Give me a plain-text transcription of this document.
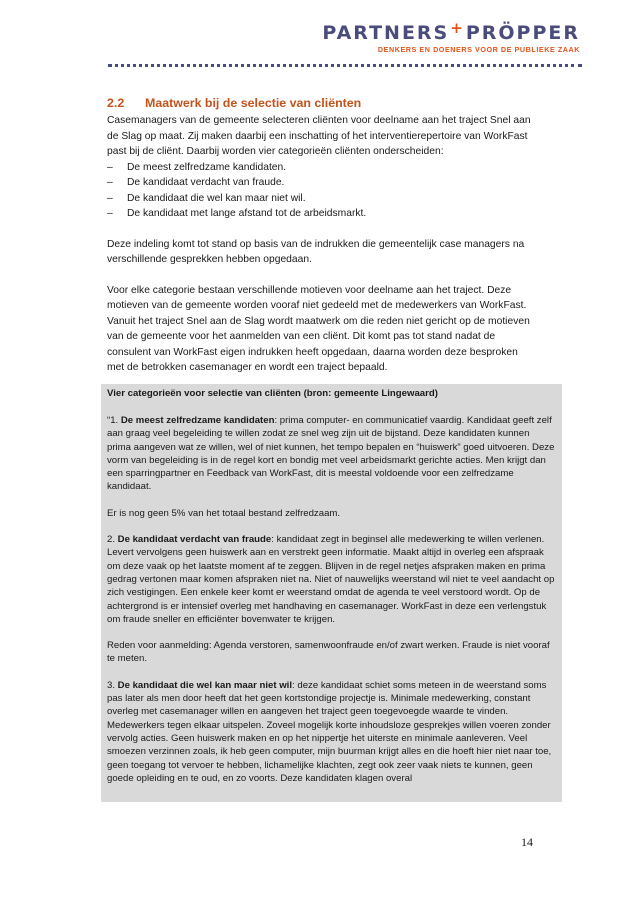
PARTNERS+PRÖPPER
DENKERS EN DOENERS VOOR DE PUBLIEKE ZAAK
2.2 Maatwerk bij de selectie van cliënten

Casemanagers van de gemeente selecteren cliënten voor deelname aan het traject Snel aan de Slag op maat. Zij maken daarbij een inschatting of het interventierepertoire van WorkFast past bij de cliënt. Daarbij worden vier categorieën cliënten onderscheiden:

– De meest zelfredzame kandidaten.
– De kandidaat verdacht van fraude.
– De kandidaat die wel kan maar niet wil.
– De kandidaat met lange afstand tot de arbeidsmarkt.

Deze indeling komt tot stand op basis van de indrukken die gemeentelijk case managers na verschillende gesprekken hebben opgedaan.

Voor elke categorie bestaan verschillende motieven voor deelname aan het traject. Deze motieven van de gemeente worden vooraf niet gedeeld met de medewerkers van WorkFast. Vanuit het traject Snel aan de Slag wordt maatwerk om die reden niet gericht op de motieven van de gemeente voor het aanmelden van een cliënt. Dit komt pas tot stand nadat de consulent van WorkFast eigen indrukken heeft opgedaan, daarna worden deze besproken met de betrokken casemanager en wordt een traject bepaald.

Vier categorieën voor selectie van cliënten (bron: gemeente Lingewaard)

“1. De meest zelfredzame kandidaten: prima computer- en communicatief vaardig. Kandidaat geeft zelf aan graag veel begeleiding te willen zodat ze snel weg zijn uit de bijstand. Deze kandidaten kunnen prima aangeven wat ze willen, wel of niet kunnen, het tempo bepalen en “huiswerk” goed uitvoeren. Deze vorm van begeleiding is in de regel kort en bondig met veel arbeidsmarkt gerichte acties. Men krijgt dan een sparringpartner en Feedback van WorkFast, dit is meestal voldoende voor een zelfredzame kandidaat.

Er is nog geen 5% van het totaal bestand zelfredzaam.

2. De kandidaat verdacht van fraude: kandidaat zegt in beginsel alle medewerking te willen verlenen. Levert vervolgens geen huiswerk aan en verstrekt geen informatie. Maakt altijd in overleg een afspraak om deze vaak op het laatste moment af te zeggen. Blijven in de regel netjes afspraken maken en prima gedrag vertonen maar komen afspraken niet na. Niet of nauwelijks weerstand wil niet te veel aandacht op zich vestigingen. Een enkele keer komt er weerstand omdat de agenda te veel verstoord wordt. Op de achtergrond is er intensief overleg met handhaving en casemanager. WorkFast in deze een verlengstuk om fraude sneller en efficiënter bovenwater te krijgen.

Reden voor aanmelding: Agenda verstoren, samenwoonfraude en/of zwart werken. Fraude is niet vooraf te meten.

3. De kandidaat die wel kan maar niet wil: deze kandidaat schiet soms meteen in de weerstand soms pas later als men door heeft dat het geen kortstondige projectje is. Minimale medewerking, constant overleg met casemanager willen en aangeven het traject geen toegevoegde waarde te vinden. Medewerkers tegen elkaar uitspelen. Zoveel mogelijk korte inhoudsloze gesprekjes willen voeren zonder vervolg acties. Geen huiswerk maken en op het nippertje het uiterste en minimale aanleveren. Veel smoezen verzinnen zoals, ik heb geen computer, mijn buurman krijgt alles en die hoeft hier niet naar toe, geen toegang tot vervoer te hebben, lichamelijke klachten, zegt ook zeer vaak niets te kunnen, geen goede opleiding en te oud, en zo voorts. Deze kandidaten klagen overal

14
